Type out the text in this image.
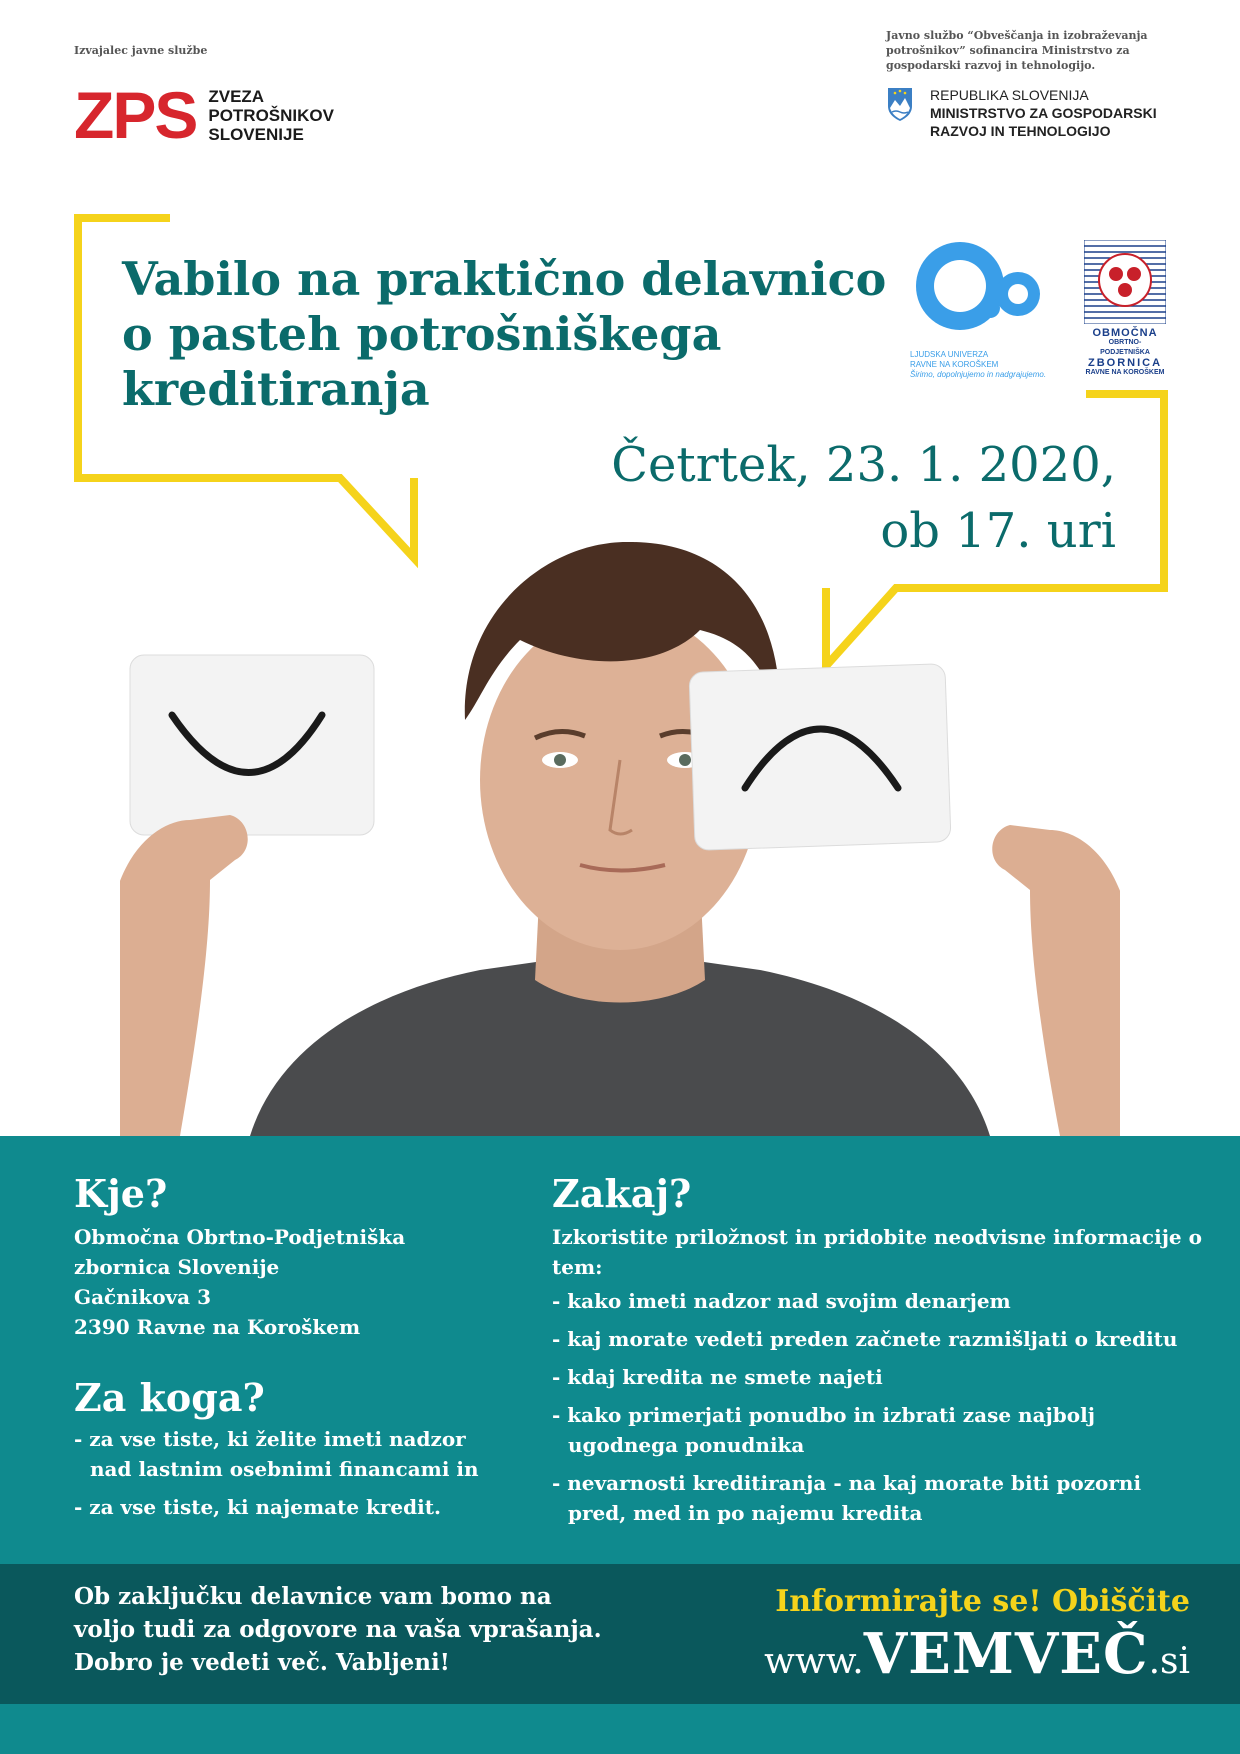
Izvajalec javne službe
ZPS ZVEZA
POTROŠNIKOV
SLOVENIJE
Javno službo “Obveščanja in izobraževanja potrošnikov” sofinancira Ministrstvo za gospodarski razvoj in tehnologijo.
REPUBLIKA SLOVENIJA
MINISTRSTVO ZA GOSPODARSKI
RAZVOJ IN TEHNOLOGIJO
Vabilo na praktično delavnico
o pasteh potrošniškega
kreditiranja
LJUDSKA UNIVERZA
RAVNE NA KOROŠKEM
Širimo, dopolnjujemo in nadgrajujemo.
OBMOČNA
OBRTNO-PODJETNIŠKA
ZBORNICA
RAVNE NA KOROŠKEM
Četrtek, 23. 1. 2020,
ob 17. uri
Kje?
Območna Obrtno-Podjetniška
zbornica Slovenije
Gačnikova 3
2390 Ravne na Koroškem
Za koga?
- za vse tiste, ki želite imeti nadzor nad lastnim osebnimi financami in
- za vse tiste, ki najemate kredit.
Zakaj?
Izkoristite priložnost in pridobite neodvisne informacije o tem:
- kako imeti nadzor nad svojim denarjem
- kaj morate vedeti preden začnete razmišljati o kreditu
- kdaj kredita ne smete najeti
- kako primerjati ponudbo in izbrati zase najbolj ugodnega ponudnika
- nevarnosti kreditiranja - na kaj morate biti pozorni pred, med in po najemu kredita
Ob zaključku delavnice vam bomo na
voljo tudi za odgovore na vaša vprašanja.
Dobro je vedeti več. Vabljeni!
Informirajte se! Obiščite
www.VEMVEČ.si
